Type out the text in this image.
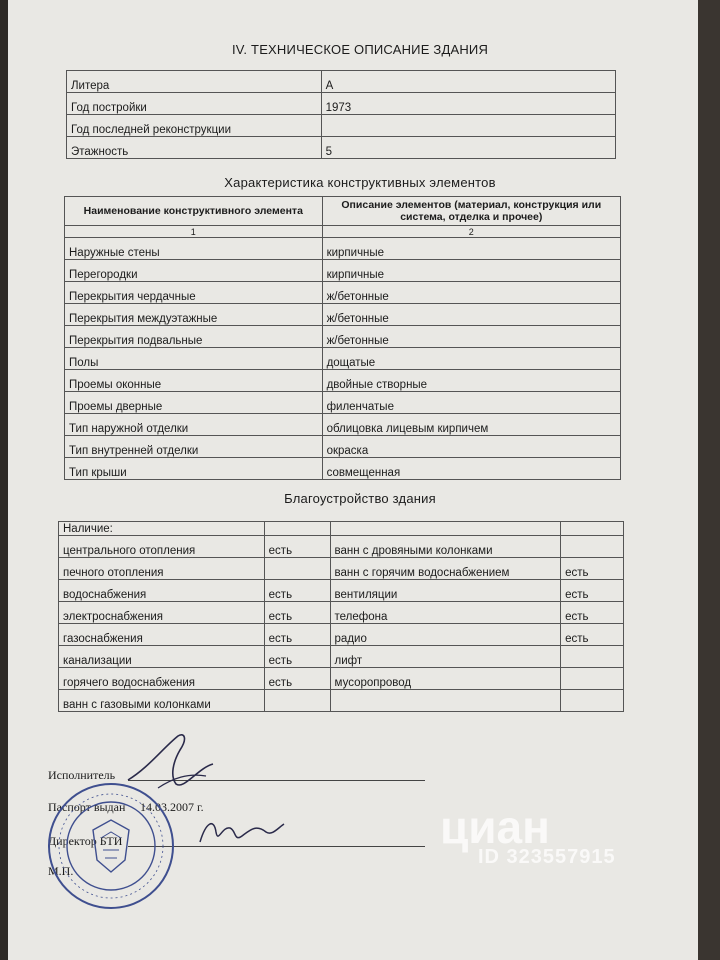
IV. ТЕХНИЧЕСКОЕ ОПИСАНИЕ ЗДАНИЯ
Литера	А
Год постройки	1973
Год последней реконструкции	
Этажность	5
Характеристика конструктивных элементов
Наименование конструктивного элемента	Описание элементов (материал, конструкция или система, отделка и прочее)
1	2
Наружные стены	кирпичные
Перегородки	кирпичные
Перекрытия чердачные	ж/бетонные
Перекрытия междуэтажные	ж/бетонные
Перекрытия подвальные	ж/бетонные
Полы	дощатые
Проемы оконные	двойные створные
Проемы дверные	филенчатые
Тип наружной отделки	облицовка лицевым кирпичем
Тип внутренней отделки	окраска
Тип крыши	совмещенная
Благоустройство здания
Наличие:			
центрального отопления	есть	ванн с дровяными колонками	
печного отопления		ванн с горячим водоснабжением	есть
водоснабжения	есть	вентиляции	есть
электроснабжения	есть	телефона	есть
газоснабжения	есть	радио	есть
канализации	есть	лифт	
горячего водоснабжения	есть	мусоропровод	
ванн с газовыми колонками			
Исполнитель
Паспорт выдан 14.03.2007 г.
Директор БТИ
М.П.
циан
ID 323557915
